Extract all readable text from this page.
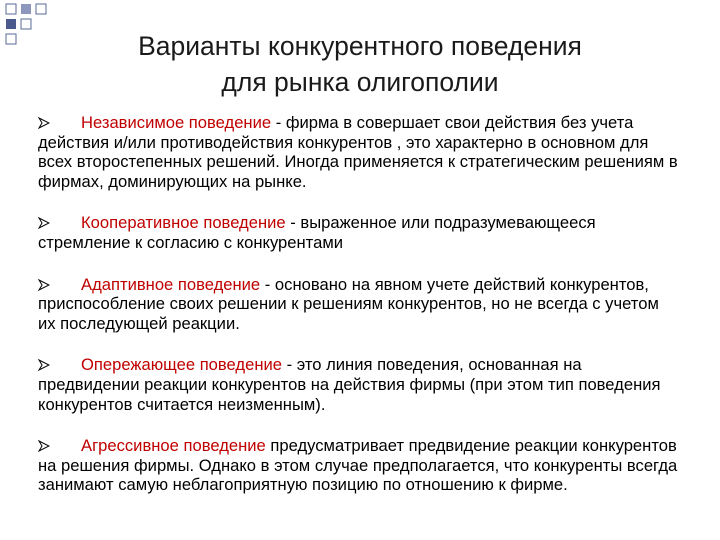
Варианты конкурентного поведения
для рынка олигополии

Независимое поведение - фирма в совершает свои действия без учета действия и/или противодействия конкурентов , это характерно в основном для всех второстепенных решений. Иногда применяется к стратегическим решениям в фирмах, доминирующих на рынке.

Кооперативное поведение - выраженное или подразумевающееся стремление к согласию с конкурентами

Адаптивное поведение - основано на явном учете действий конкурентов, приспособление своих решении к решениям конкурентов, но не всегда с учетом их последующей реакции.

Опережающее поведение - это линия поведения, основанная на предвидении реакции конкурентов на действия фирмы (при этом тип поведения конкурентов считается неизменным).

Агрессивное поведение предусматривает предвидение реакции конкурентов на решения фирмы. Однако в этом случае предполагается, что конкуренты всегда занимают самую неблагоприятную позицию по отношению к фирме.
